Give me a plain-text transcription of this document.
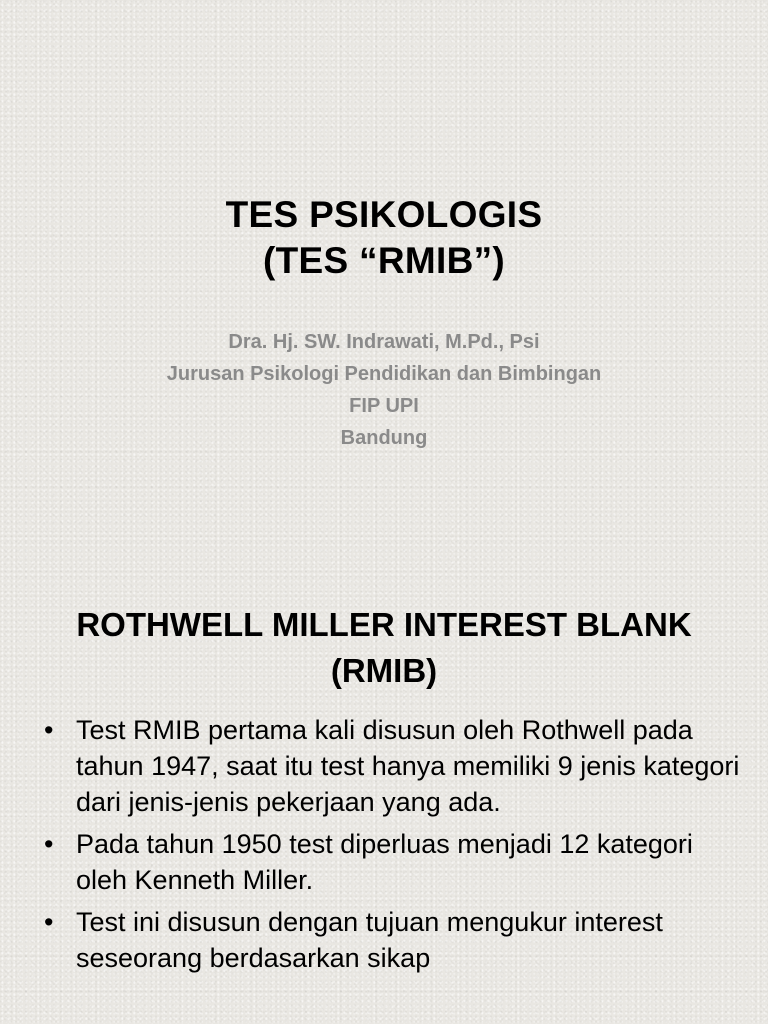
TES PSIKOLOGIS
(TES “RMIB”)
Dra. Hj. SW. Indrawati, M.Pd., Psi
Jurusan Psikologi Pendidikan dan Bimbingan
FIP UPI
Bandung
ROTHWELL MILLER INTEREST BLANK
(RMIB)
• Test RMIB pertama kali disusun oleh Rothwell pada tahun 1947, saat itu test hanya memiliki 9 jenis kategori dari jenis-jenis pekerjaan yang ada.
• Pada tahun 1950 test diperluas menjadi 12 kategori oleh Kenneth Miller.
• Test ini disusun dengan tujuan mengukur interest seseorang berdasarkan sikap
